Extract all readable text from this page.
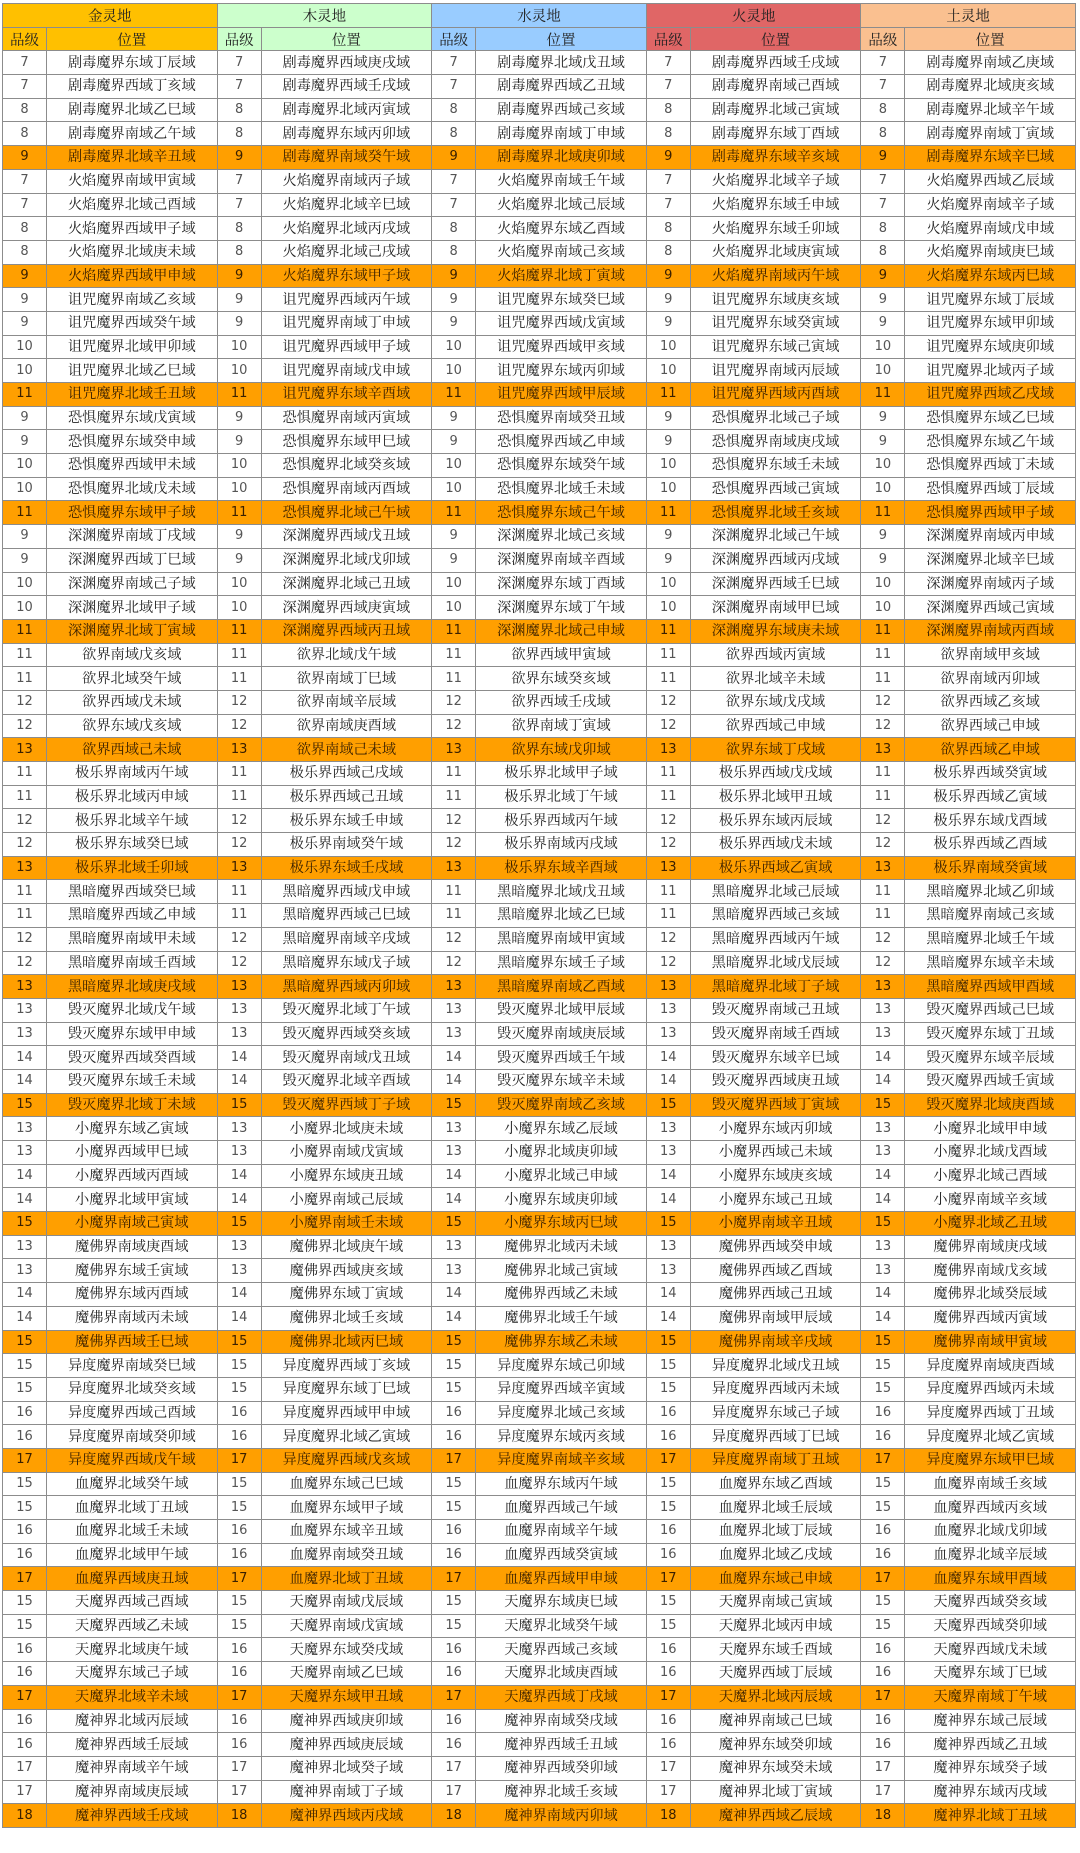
金灵地		木灵地		水灵地		火灵地		土灵地	
品级	位置	品级	位置	品级	位置	品级	位置	品级	位置
7	剧毒魔界东域丁辰域	7	剧毒魔界西域庚戌域	7	剧毒魔界北域戊丑域	7	剧毒魔界西域壬戌域	7	剧毒魔界南域乙庚域
7	剧毒魔界西域丁亥域	7	剧毒魔界西域壬戌域	7	剧毒魔界西域乙丑域	7	剧毒魔界南域己酉域	7	剧毒魔界北域庚亥域
8	剧毒魔界北域乙巳域	8	剧毒魔界北域丙寅域	8	剧毒魔界西域己亥域	8	剧毒魔界北域己寅域	8	剧毒魔界北域辛午域
8	剧毒魔界南域乙午域	8	剧毒魔界东域丙卯域	8	剧毒魔界南域丁申域	8	剧毒魔界东域丁酉域	8	剧毒魔界南域丁寅域
9	剧毒魔界北域辛丑域	9	剧毒魔界南域癸午域	9	剧毒魔界北域庚卯域	9	剧毒魔界东域辛亥域	9	剧毒魔界东域辛巳域
7	火焰魔界南域甲寅域	7	火焰魔界南域丙子域	7	火焰魔界南域壬午域	7	火焰魔界北域辛子域	7	火焰魔界西域乙辰域
7	火焰魔界北域己酉域	7	火焰魔界北域辛巳域	7	火焰魔界北域己辰域	7	火焰魔界东域壬申域	7	火焰魔界南域辛子域
8	火焰魔界西域甲子域	8	火焰魔界北域丙戌域	8	火焰魔界东域乙酉域	8	火焰魔界东域壬卯域	8	火焰魔界南域戊申域
8	火焰魔界北域庚未域	8	火焰魔界北域己戌域	8	火焰魔界南域己亥域	8	火焰魔界北域庚寅域	8	火焰魔界南域庚巳域
9	火焰魔界西域甲申域	9	火焰魔界东域甲子域	9	火焰魔界北域丁寅域	9	火焰魔界南域丙午域	9	火焰魔界东域丙巳域
9	诅咒魔界南域乙亥域	9	诅咒魔界西域丙午域	9	诅咒魔界东域癸巳域	9	诅咒魔界东域庚亥域	9	诅咒魔界东域丁辰域
9	诅咒魔界西域癸午域	9	诅咒魔界南域丁申域	9	诅咒魔界西域戊寅域	9	诅咒魔界东域癸寅域	9	诅咒魔界东域甲卯域
10	诅咒魔界北域甲卯域	10	诅咒魔界西域甲子域	10	诅咒魔界西域甲亥域	10	诅咒魔界东域己寅域	10	诅咒魔界东域庚卯域
10	诅咒魔界北域乙巳域	10	诅咒魔界南域戊申域	10	诅咒魔界东域丙卯域	10	诅咒魔界南域丙辰域	10	诅咒魔界北域丙子域
11	诅咒魔界北域壬丑域	11	诅咒魔界东域辛酉域	11	诅咒魔界西域甲辰域	11	诅咒魔界西域丙酉域	11	诅咒魔界西域乙戌域
9	恐惧魔界东域戊寅域	9	恐惧魔界南域丙寅域	9	恐惧魔界南域癸丑域	9	恐惧魔界北域己子域	9	恐惧魔界东域乙巳域
9	恐惧魔界东域癸申域	9	恐惧魔界东域甲巳域	9	恐惧魔界西域乙申域	9	恐惧魔界南域庚戌域	9	恐惧魔界东域乙午域
10	恐惧魔界西域甲未域	10	恐惧魔界北域癸亥域	10	恐惧魔界东域癸午域	10	恐惧魔界东域壬未域	10	恐惧魔界西域丁未域
10	恐惧魔界北域戊未域	10	恐惧魔界南域丙酉域	10	恐惧魔界北域壬未域	10	恐惧魔界西域己寅域	10	恐惧魔界西域丁辰域
11	恐惧魔界东域甲子域	11	恐惧魔界北域己午域	11	恐惧魔界东域己午域	11	恐惧魔界北域壬亥域	11	恐惧魔界西域甲子域
9	深渊魔界南域丁戌域	9	深渊魔界西域戊丑域	9	深渊魔界北域己亥域	9	深渊魔界北域己午域	9	深渊魔界南域丙申域
9	深渊魔界西域丁巳域	9	深渊魔界北域戊卯域	9	深渊魔界南域辛酉域	9	深渊魔界西域丙戌域	9	深渊魔界北域辛巳域
10	深渊魔界南域己子域	10	深渊魔界北域己丑域	10	深渊魔界东域丁酉域	10	深渊魔界西域壬巳域	10	深渊魔界南域丙子域
10	深渊魔界北域甲子域	10	深渊魔界西域庚寅域	10	深渊魔界东域丁午域	10	深渊魔界南域甲巳域	10	深渊魔界西域己寅域
11	深渊魔界北域丁寅域	11	深渊魔界西域丙丑域	11	深渊魔界北域己申域	11	深渊魔界东域庚未域	11	深渊魔界南域丙酉域
11	欲界南域戊亥域	11	欲界北域戊午域	11	欲界西域甲寅域	11	欲界西域丙寅域	11	欲界南域甲亥域
11	欲界北域癸午域	11	欲界南域丁巳域	11	欲界东域癸亥域	11	欲界北域辛未域	11	欲界南域丙卯域
12	欲界西域戊未域	12	欲界南域辛辰域	12	欲界西域壬戌域	12	欲界东域戊戌域	12	欲界西域乙亥域
12	欲界东域戊亥域	12	欲界南域庚酉域	12	欲界南域丁寅域	12	欲界西域己申域	12	欲界西域己申域
13	欲界西域己未域	13	欲界南域己未域	13	欲界东域戊卯域	13	欲界东域丁戌域	13	欲界西域乙申域
11	极乐界南域丙午域	11	极乐界西域己戌域	11	极乐界北域甲子域	11	极乐界西域戊戌域	11	极乐界西域癸寅域
11	极乐界北域丙申域	11	极乐界西域己丑域	11	极乐界北域丁午域	11	极乐界北域甲丑域	11	极乐界西域乙寅域
12	极乐界北域辛午域	12	极乐界东域壬申域	12	极乐界西域丙午域	12	极乐界东域丙辰域	12	极乐界东域戊酉域
12	极乐界东域癸巳域	12	极乐界南域癸午域	12	极乐界南域丙戌域	12	极乐界西域戊未域	12	极乐界西域乙酉域
13	极乐界北域壬卯域	13	极乐界东域壬戌域	13	极乐界东域辛酉域	13	极乐界西域乙寅域	13	极乐界南域癸寅域
11	黑暗魔界西域癸巳域	11	黑暗魔界西域戊申域	11	黑暗魔界北域戊丑域	11	黑暗魔界北域己辰域	11	黑暗魔界北域乙卯域
11	黑暗魔界西域乙申域	11	黑暗魔界西域己巳域	11	黑暗魔界北域乙巳域	11	黑暗魔界西域己亥域	11	黑暗魔界南域己亥域
12	黑暗魔界南域甲未域	12	黑暗魔界南域辛戌域	12	黑暗魔界南域甲寅域	12	黑暗魔界西域丙午域	12	黑暗魔界北域壬午域
12	黑暗魔界南域壬酉域	12	黑暗魔界东域戊子域	12	黑暗魔界东域壬子域	12	黑暗魔界北域戊辰域	12	黑暗魔界东域辛未域
13	黑暗魔界北域庚戌域	13	黑暗魔界西域丙卯域	13	黑暗魔界南域乙酉域	13	黑暗魔界北域丁子域	13	黑暗魔界西域甲酉域
13	毁灭魔界北域戊午域	13	毁灭魔界北域丁午域	13	毁灭魔界北域甲辰域	13	毁灭魔界南域己丑域	13	毁灭魔界西域己巳域
13	毁灭魔界东域甲申域	13	毁灭魔界西域癸亥域	13	毁灭魔界南域庚辰域	13	毁灭魔界南域壬酉域	13	毁灭魔界东域丁丑域
14	毁灭魔界西域癸酉域	14	毁灭魔界南域戊丑域	14	毁灭魔界西域壬午域	14	毁灭魔界东域辛巳域	14	毁灭魔界东域辛辰域
14	毁灭魔界东域壬未域	14	毁灭魔界北域辛酉域	14	毁灭魔界东域辛未域	14	毁灭魔界西域庚丑域	14	毁灭魔界西域壬寅域
15	毁灭魔界北域丁未域	15	毁灭魔界西域丁子域	15	毁灭魔界南域乙亥域	15	毁灭魔界西域丁寅域	15	毁灭魔界北域庚酉域
13	小魔界东域乙寅域	13	小魔界北域庚未域	13	小魔界东域乙辰域	13	小魔界东域丙卯域	13	小魔界北域甲申域
13	小魔界西域甲巳域	13	小魔界南域戊寅域	13	小魔界北域庚卯域	13	小魔界西域己未域	13	小魔界北域戊酉域
14	小魔界西域丙酉域	14	小魔界东域庚丑域	14	小魔界北域己申域	14	小魔界东域庚亥域	14	小魔界北域己酉域
14	小魔界北域甲寅域	14	小魔界南域己辰域	14	小魔界东域庚卯域	14	小魔界东域己丑域	14	小魔界南域辛亥域
15	小魔界南域己寅域	15	小魔界南域壬未域	15	小魔界东域丙巳域	15	小魔界南域辛丑域	15	小魔界北域乙丑域
13	魔佛界南域庚酉域	13	魔佛界北域庚午域	13	魔佛界北域丙未域	13	魔佛界西域癸申域	13	魔佛界南域庚戌域
13	魔佛界东域壬寅域	13	魔佛界西域庚亥域	13	魔佛界北域己寅域	13	魔佛界西域乙酉域	13	魔佛界南域戊亥域
14	魔佛界东域丙酉域	14	魔佛界东域丁寅域	14	魔佛界西域乙未域	14	魔佛界西域己丑域	14	魔佛界北域癸辰域
14	魔佛界南域丙未域	14	魔佛界北域壬亥域	14	魔佛界北域壬午域	14	魔佛界南域甲辰域	14	魔佛界西域丙寅域
15	魔佛界西域壬巳域	15	魔佛界北域丙巳域	15	魔佛界东域乙未域	15	魔佛界南域辛戌域	15	魔佛界南域甲寅域
15	异度魔界南域癸巳域	15	异度魔界西域丁亥域	15	异度魔界东域己卯域	15	异度魔界北域戊丑域	15	异度魔界南域庚酉域
15	异度魔界北域癸亥域	15	异度魔界东域丁巳域	15	异度魔界西域辛寅域	15	异度魔界西域丙未域	15	异度魔界西域丙未域
16	异度魔界西域己酉域	16	异度魔界西域甲申域	16	异度魔界北域己亥域	16	异度魔界东域己子域	16	异度魔界西域丁丑域
16	异度魔界南域癸卯域	16	异度魔界北域乙寅域	16	异度魔界东域丙亥域	16	异度魔界西域丁巳域	16	异度魔界北域乙寅域
17	异度魔界西域戊午域	17	异度魔界西域戊亥域	17	异度魔界南域辛亥域	17	异度魔界南域丁丑域	17	异度魔界东域甲巳域
15	血魔界北域癸午域	15	血魔界东域己巳域	15	血魔界东域丙午域	15	血魔界东域乙酉域	15	血魔界南域壬亥域
15	血魔界北域丁丑域	15	血魔界东域甲子域	15	血魔界西域己午域	15	血魔界北域壬辰域	15	血魔界西域丙亥域
16	血魔界北域壬未域	16	血魔界东域辛丑域	16	血魔界南域辛午域	16	血魔界北域丁辰域	16	血魔界北域戊卯域
16	血魔界北域甲午域	16	血魔界南域癸丑域	16	血魔界西域癸寅域	16	血魔界北域乙戌域	16	血魔界北域辛辰域
17	血魔界西域庚丑域	17	血魔界北域丁丑域	17	血魔界西域甲申域	17	血魔界东域己申域	17	血魔界东域甲酉域
15	天魔界西域己酉域	15	天魔界南域戊辰域	15	天魔界东域庚巳域	15	天魔界南域己寅域	15	天魔界西域癸亥域
15	天魔界西域乙未域	15	天魔界南域戊寅域	15	天魔界北域癸午域	15	天魔界北域丙申域	15	天魔界西域癸卯域
16	天魔界北域庚午域	16	天魔界东域癸戌域	16	天魔界西域己亥域	16	天魔界东域壬酉域	16	天魔界西域戊未域
16	天魔界东域己子域	16	天魔界南域乙巳域	16	天魔界北域庚酉域	16	天魔界西域丁辰域	16	天魔界东域丁巳域
17	天魔界北域辛未域	17	天魔界东域甲丑域	17	天魔界西域丁戌域	17	天魔界北域丙辰域	17	天魔界南域丁午域
16	魔神界北域丙辰域	16	魔神界西域庚卯域	16	魔神界南域癸戌域	16	魔神界南域己巳域	16	魔神界东域己辰域
16	魔神界西域壬辰域	16	魔神界西域庚辰域	16	魔神界西域壬丑域	16	魔神界东域癸卯域	16	魔神界西域乙丑域
17	魔神界南域辛午域	17	魔神界北域癸子域	17	魔神界西域癸卯域	17	魔神界东域癸未域	17	魔神界东域癸子域
17	魔神界南域庚辰域	17	魔神界南域丁子域	17	魔神界北域壬亥域	17	魔神界北域丁寅域	17	魔神界东域丙戌域
18	魔神界西域壬戌域	18	魔神界西域丙戌域	18	魔神界南域丙卯域	18	魔神界西域乙辰域	18	魔神界北域丁丑域
